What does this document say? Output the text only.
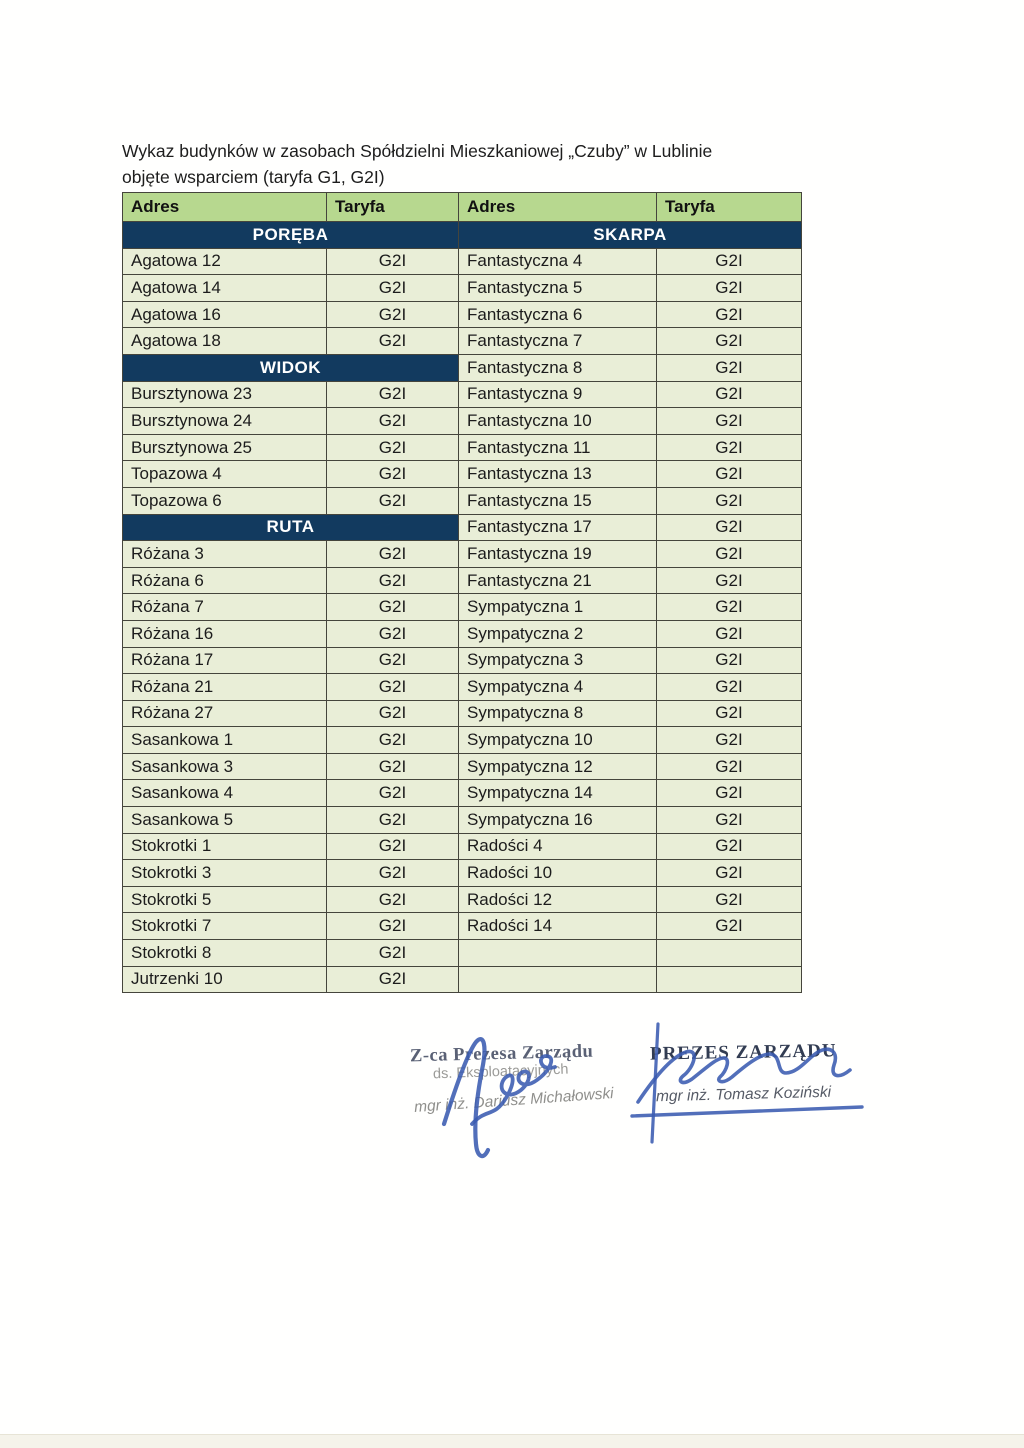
Wykaz budynków w zasobach Spółdzielni Mieszkaniowej „Czuby” w Lublinie
objęte wsparciem (taryfa G1, G2I)
Adres	Taryfa	Adres	Taryfa
PORĘBA		SKARPA	
Agatowa 12	G2I	Fantastyczna 4	G2I
Agatowa 14	G2I	Fantastyczna 5	G2I
Agatowa 16	G2I	Fantastyczna 6	G2I
Agatowa 18	G2I	Fantastyczna 7	G2I
WIDOK		Fantastyczna 8	G2I
Bursztynowa 23	G2I	Fantastyczna 9	G2I
Bursztynowa 24	G2I	Fantastyczna 10	G2I
Bursztynowa 25	G2I	Fantastyczna 11	G2I
Topazowa 4	G2I	Fantastyczna 13	G2I
Topazowa 6	G2I	Fantastyczna 15	G2I
RUTA		Fantastyczna 17	G2I
Różana 3	G2I	Fantastyczna 19	G2I
Różana 6	G2I	Fantastyczna 21	G2I
Różana 7	G2I	Sympatyczna 1	G2I
Różana 16	G2I	Sympatyczna 2	G2I
Różana 17	G2I	Sympatyczna 3	G2I
Różana 21	G2I	Sympatyczna 4	G2I
Różana 27	G2I	Sympatyczna 8	G2I
Sasankowa 1	G2I	Sympatyczna 10	G2I
Sasankowa 3	G2I	Sympatyczna 12	G2I
Sasankowa 4	G2I	Sympatyczna 14	G2I
Sasankowa 5	G2I	Sympatyczna 16	G2I
Stokrotki 1	G2I	Radości 4	G2I
Stokrotki 3	G2I	Radości 10	G2I
Stokrotki 5	G2I	Radości 12	G2I
Stokrotki 7	G2I	Radości 14	G2I
Stokrotki 8	G2I		
Jutrzenki 10	G2I		
Z-ca Prezesa Zarządu
ds. Eksploatacyjnych
mgr inż. Dariusz Michałowski
PREZES ZARZĄDU
mgr inż. Tomasz Koziński
